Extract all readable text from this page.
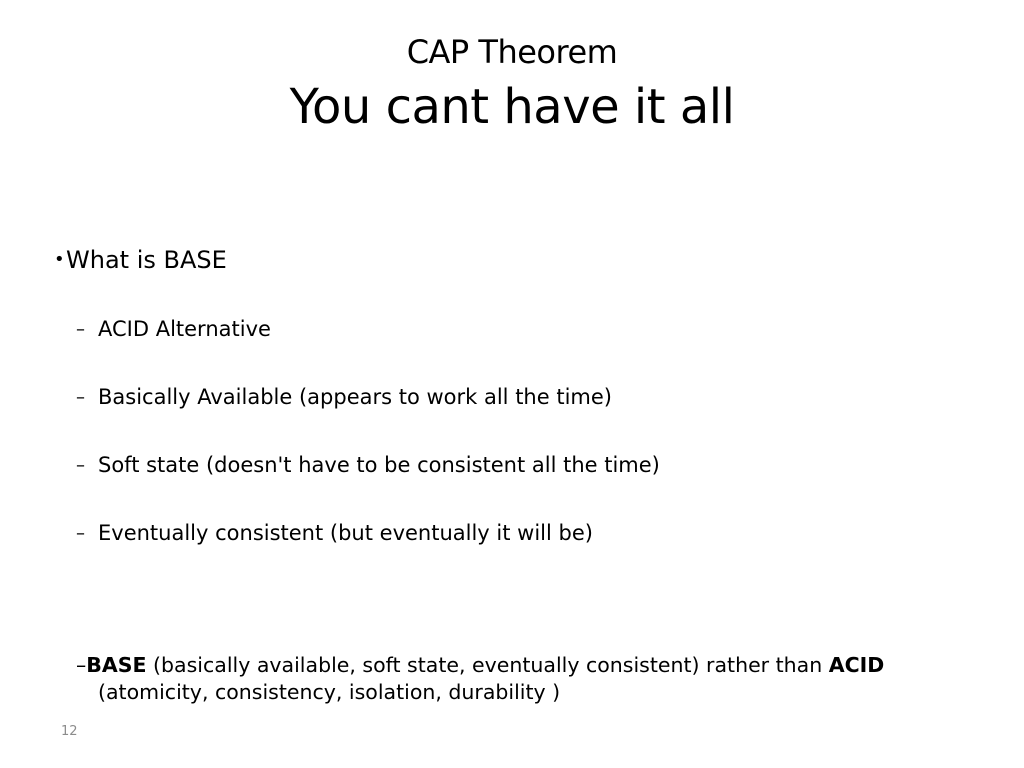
CAP Theorem
You cant have it all
•What is BASE
– ACID Alternative
– Basically Available (appears to work all the time)
– Soft state (doesn't have to be consistent all the time)
– Eventually consistent (but eventually it will be)
–BASE (basically available, soft state, eventually consistent) rather than ACID
(atomicity, consistency, isolation, durability )
12
